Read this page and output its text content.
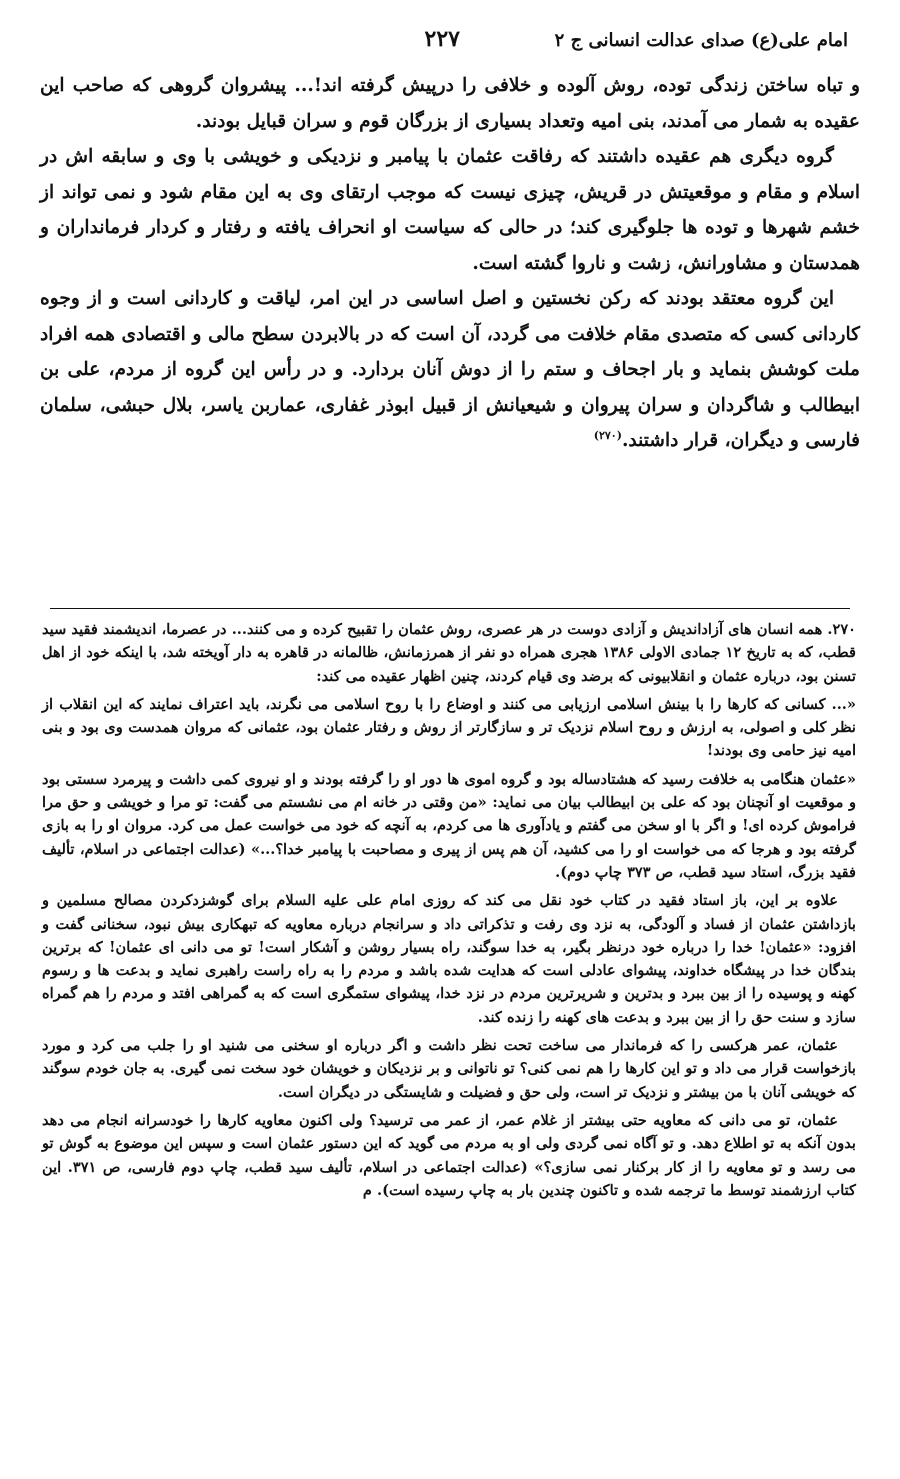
امام علی(ع) صدای عدالت انسانی ج ۲
۲۲۷

و تباه ساختن زندگی توده، روش آلوده و خلافی را درپیش گرفته اند!... پیشروان گروهی که صاحب این عقیده به شمار می آمدند، بنی امیه وتعداد بسیاری از بزرگان قوم و سران قبایل بودند.

گروه دیگری هم عقیده داشتند که رفاقت عثمان با پیامبر و نزدیکی و خویشی با وی و سابقه اش در اسلام و مقام و موقعیتش در قریش، چیزی نیست که موجب ارتقای وی به این مقام شود و نمی تواند از خشم شهرها و توده ها جلوگیری کند؛ در حالی که سیاست او انحراف یافته و رفتار و کردار فرمانداران و همدستان و مشاورانش، زشت و ناروا گشته است.

این گروه معتقد بودند که رکن نخستین و اصل اساسی در این امر، لیاقت و کاردانی است و از وجوه کاردانی کسی که متصدی مقام خلافت می گردد، آن است که در بالابردن سطح مالی و اقتصادی همه افراد ملت کوشش بنماید و بار اجحاف و ستم را از دوش آنان بردارد. و در رأس این گروه از مردم، علی بن ابیطالب و شاگردان و سران پیروان و شیعیانش از قبیل ابوذر غفاری، عماربن یاسر، بلال حبشی، سلمان فارسی و دیگران، قرار داشتند.$^{(۲۷۰)}$

۲۷۰. همه انسان های آزاداندیش و آزادی دوست در هر عصری، روش عثمان را تقبیح کرده و می کنند... در عصرما، اندیشمند فقید سید قطب، که به تاریخ ۱۲ جمادی الاولی ۱۳۸۶ هجری همراه دو نفر از همرزمانش، ظالمانه در قاهره به دار آویخته شد، با اینکه خود از اهل تسنن بود، درباره عثمان و انقلابیونی که برضد وی قیام کردند، چنین اظهار عقیده می کند:

«... کسانی که کارها را با بینش اسلامی ارزیابی می کنند و اوضاع را با روح اسلامی می نگرند، باید اعتراف نمایند که این انقلاب از نظر کلی و اصولی، به ارزش و روح اسلام نزدیک تر و سازگارتر از روش و رفتار عثمان بود، عثمانی که مروان همدست وی بود و بنی امیه نیز حامی وی بودند!

«عثمان هنگامی به خلافت رسید که هشتادساله بود و گروه اموی ها دور او را گرفته بودند و او نیروی کمی داشت و پیرمرد سستی بود و موقعیت او آنچنان بود که علی بن ابیطالب بیان می نماید: «من وقتی در خانه ام می نشستم می گفت: تو مرا و خویشی و حق مرا فراموش کرده ای! و اگر با او سخن می گفتم و یادآوری ها می کردم، به آنچه که خود می خواست عمل می کرد. مروان او را به بازی گرفته بود و هرجا که می خواست او را می کشید، آن هم پس از پیری و مصاحبت با پیامبر خدا؟...» (عدالت اجتماعی در اسلام، تألیف فقید بزرگ، استاد سید قطب، ص ۳۷۳ چاپ دوم).

علاوه بر این، باز استاد فقید در کتاب خود نقل می کند که روزی امام علی علیه السلام برای گوشزدکردن مصالح مسلمین و بازداشتن عثمان از فساد و آلودگی، به نزد وی رفت و تذکراتی داد و سرانجام درباره معاویه که تبهکاری بیش نبود، سخنانی گفت و افزود: «عثمان! خدا را درباره خود درنظر بگیر، به خدا سوگند، راه بسیار روشن و آشکار است! تو می دانی ای عثمان! که برترین بندگان خدا در پیشگاه خداوند، پیشوای عادلی است که هدایت شده باشد و مردم را به راه راست راهبری نماید و بدعت ها و رسوم کهنه و پوسیده را از بین ببرد و بدترین و شریرترین مردم در نزد خدا، پیشوای ستمگری است که به گمراهی افتد و مردم را هم گمراه سازد و سنت حق را از بین ببرد و بدعت های کهنه را زنده کند.

عثمان، عمر هرکسی را که فرماندار می ساخت تحت نظر داشت و اگر درباره او سخنی می شنید او را جلب می کرد و مورد بازخواست قرار می داد و تو این کارها را هم نمی کنی؟ تو ناتوانی و بر نزدیکان و خویشان خود سخت نمی گیری. به جان خودم سوگند که خویشی آنان با من بیشتر و نزدیک تر است، ولی حق و فضیلت و شایستگی در دیگران است.

عثمان، تو می دانی که معاویه حتی بیشتر از غلام عمر، از عمر می ترسید؟ ولی اکنون معاویه کارها را خودسرانه انجام می دهد بدون آنکه به تو اطلاع دهد. و تو آگاه نمی گردی ولی او به مردم می گوید که این دستور عثمان است و سپس این موضوع به گوش تو می رسد و تو معاویه را از کار برکنار نمی سازی؟» (عدالت اجتماعی در اسلام، تألیف سید قطب، چاپ دوم فارسی، ص ۳۷۱. این کتاب ارزشمند توسط ما ترجمه شده و تاکنون چندین بار به چاپ رسیده است). م
